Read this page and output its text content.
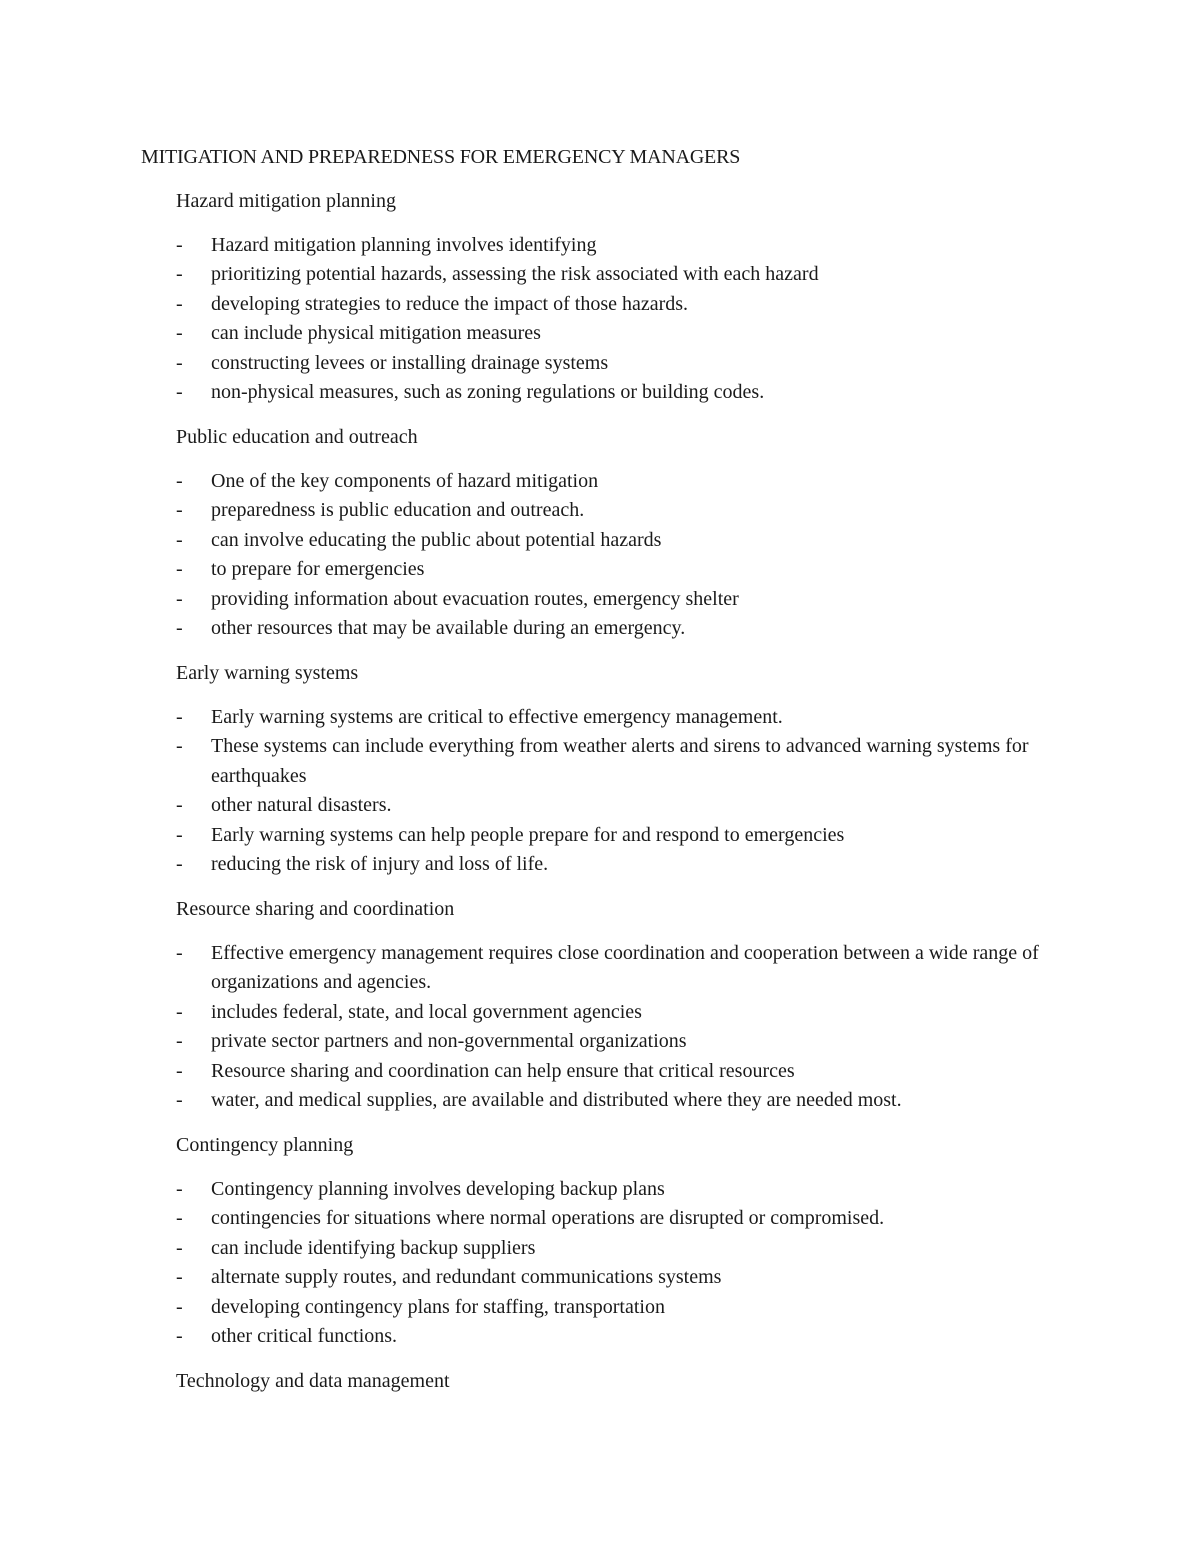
MITIGATION AND PREPAREDNESS FOR EMERGENCY MANAGERS
Hazard mitigation planning
- Hazard mitigation planning involves identifying
- prioritizing potential hazards, assessing the risk associated with each hazard
- developing strategies to reduce the impact of those hazards.
- can include physical mitigation measures
- constructing levees or installing drainage systems
- non-physical measures, such as zoning regulations or building codes.
Public education and outreach
- One of the key components of hazard mitigation
- preparedness is public education and outreach.
- can involve educating the public about potential hazards
- to prepare for emergencies
- providing information about evacuation routes, emergency shelter
- other resources that may be available during an emergency.
Early warning systems
- Early warning systems are critical to effective emergency management.
- These systems can include everything from weather alerts and sirens to advanced warning systems for earthquakes
- other natural disasters.
- Early warning systems can help people prepare for and respond to emergencies
- reducing the risk of injury and loss of life.
Resource sharing and coordination
- Effective emergency management requires close coordination and cooperation between a wide range of organizations and agencies.
- includes federal, state, and local government agencies
- private sector partners and non-governmental organizations
- Resource sharing and coordination can help ensure that critical resources
- water, and medical supplies, are available and distributed where they are needed most.
Contingency planning
- Contingency planning involves developing backup plans
- contingencies for situations where normal operations are disrupted or compromised.
- can include identifying backup suppliers
- alternate supply routes, and redundant communications systems
- developing contingency plans for staffing, transportation
- other critical functions.
Technology and data management
